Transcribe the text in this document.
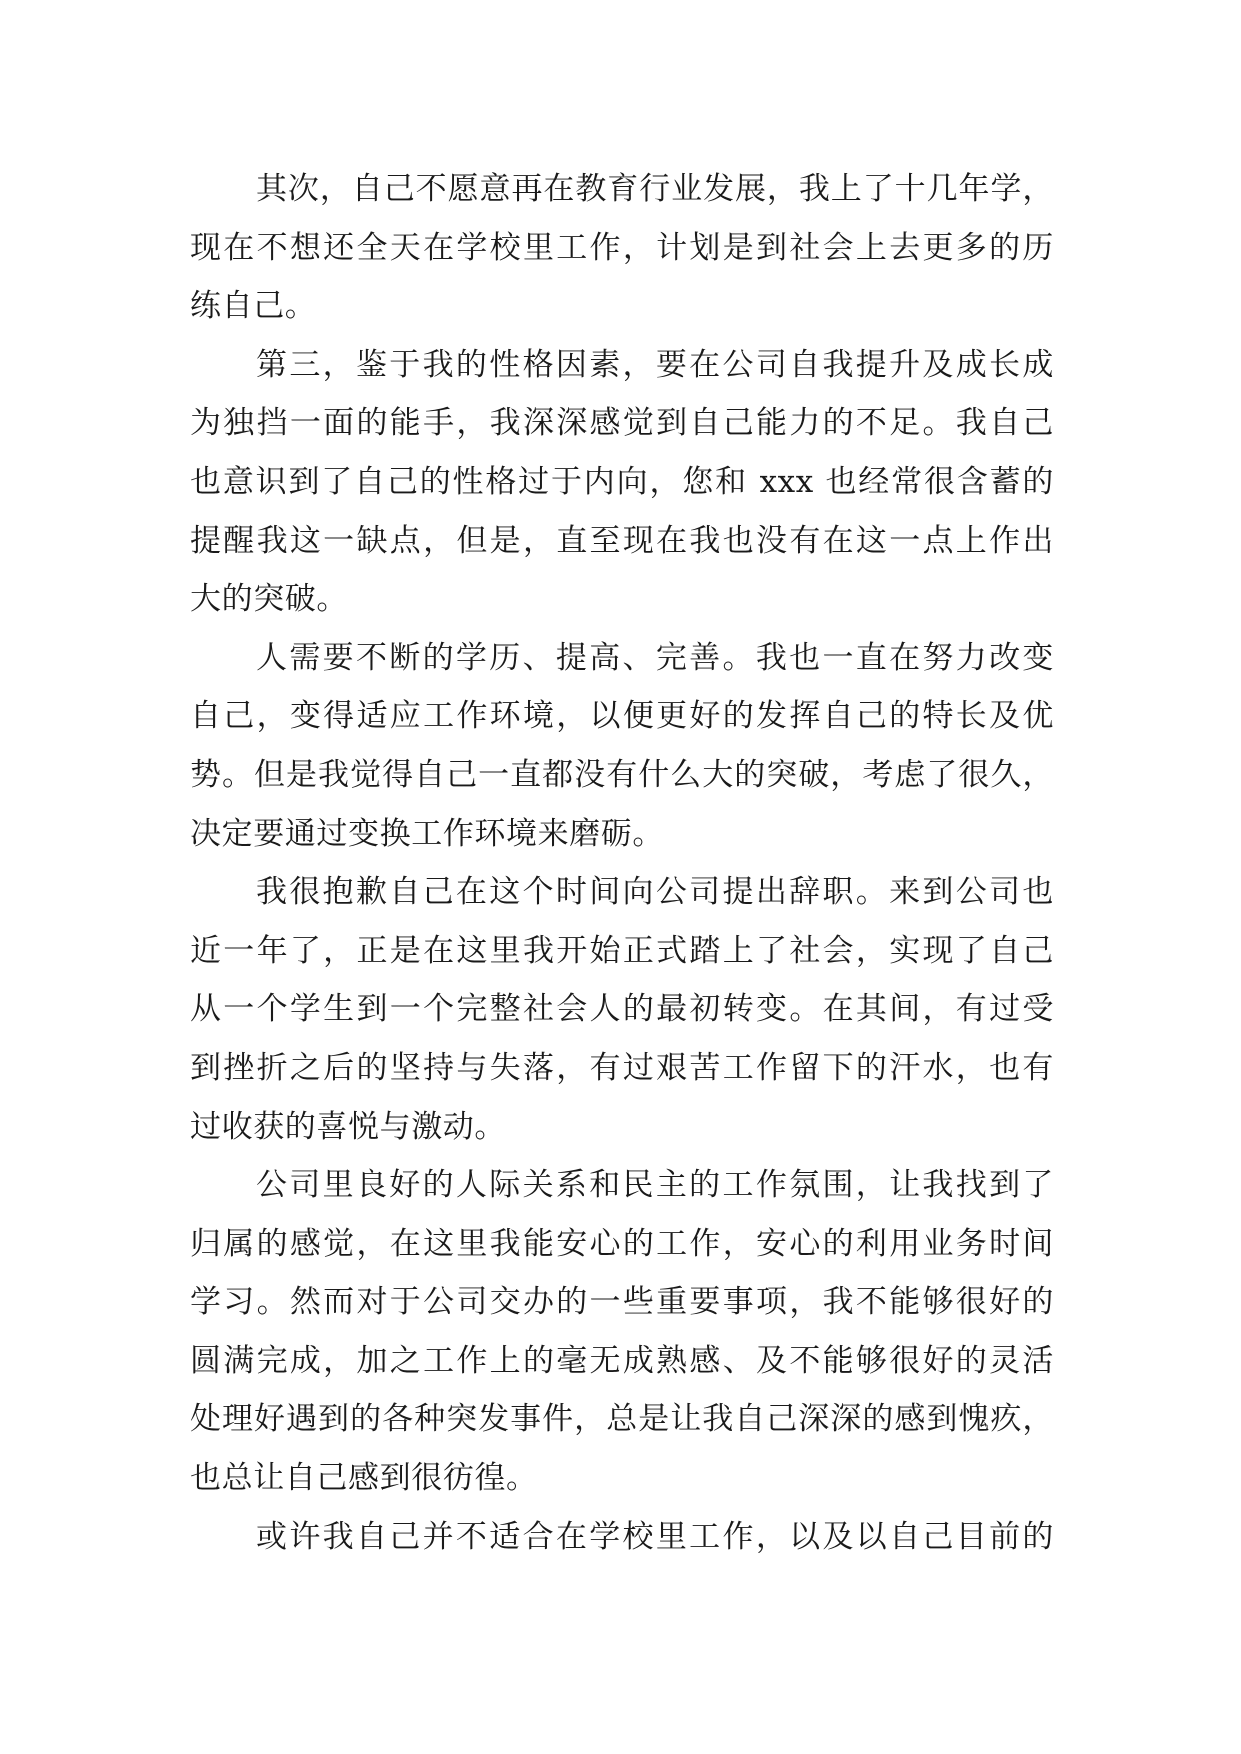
其次，自己不愿意再在教育行业发展，我上了十几年学，
现在不想还全天在学校里工作，计划是到社会上去更多的历
练自己。
第三，鉴于我的性格因素，要在公司自我提升及成长成
为独挡一面的能手，我深深感觉到自己能力的不足。我自己
也意识到了自己的性格过于内向，您和 xxx 也经常很含蓄的
提醒我这一缺点，但是，直至现在我也没有在这一点上作出
大的突破。
人需要不断的学历、提高、完善。我也一直在努力改变
自己，变得适应工作环境，以便更好的发挥自己的特长及优
势。但是我觉得自己一直都没有什么大的突破，考虑了很久，
决定要通过变换工作环境来磨砺。
我很抱歉自己在这个时间向公司提出辞职。来到公司也
近一年了，正是在这里我开始正式踏上了社会，实现了自己
从一个学生到一个完整社会人的最初转变。在其间，有过受
到挫折之后的坚持与失落，有过艰苦工作留下的汗水，也有
过收获的喜悦与激动。
公司里良好的人际关系和民主的工作氛围，让我找到了
归属的感觉，在这里我能安心的工作，安心的利用业务时间
学习。然而对于公司交办的一些重要事项，我不能够很好的
圆满完成，加之工作上的毫无成熟感、及不能够很好的灵活
处理好遇到的各种突发事件，总是让我自己深深的感到愧疚，
也总让自己感到很彷徨。
或许我自己并不适合在学校里工作，以及以自己目前的
